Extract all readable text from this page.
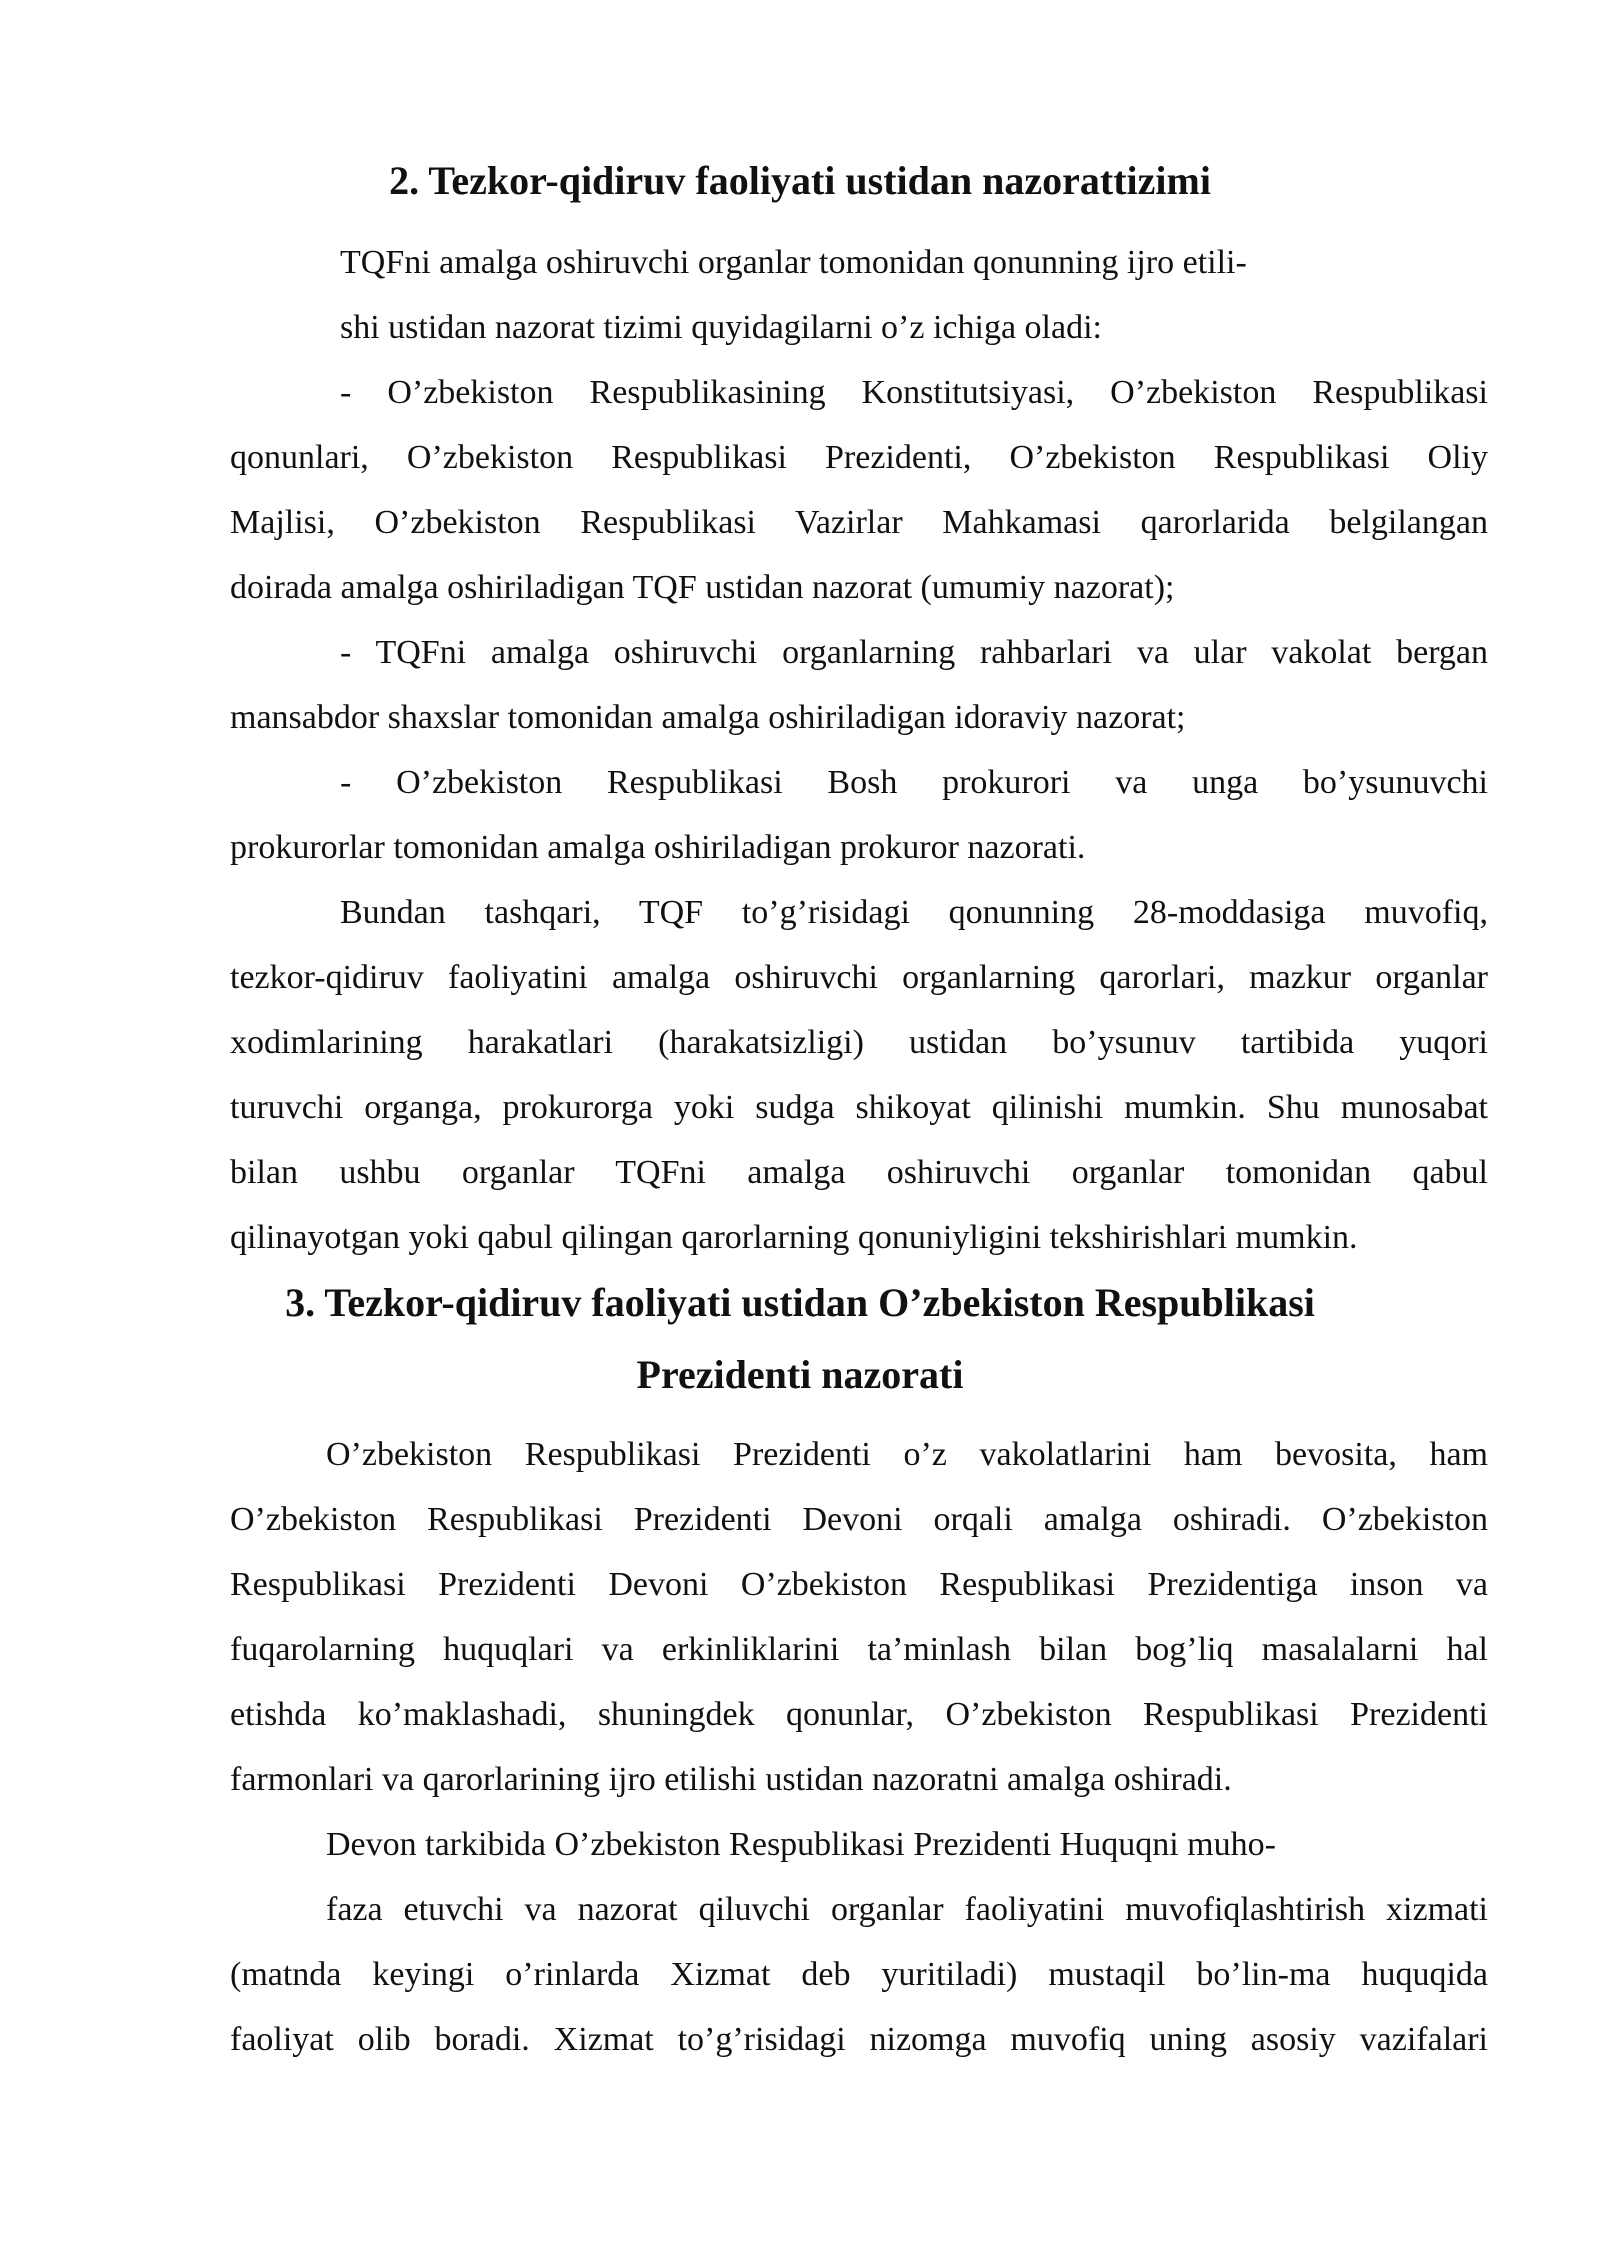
2. Tezkor-qidiruv faoliyati ustidan nazorattizimi
TQFni amalga oshiruvchi organlar tomonidan qonunning ijro etili-
shi ustidan nazorat tizimi quyidagilarni o’z ichiga oladi:
- O’zbekiston Respublikasining Konstitutsiyasi, O’zbekiston Respublikasi
qonunlari, O’zbekiston Respublikasi Prezidenti, O’zbekiston Respublikasi Oliy
Majlisi, O’zbekiston Respublikasi Vazirlar Mahkamasi qarorlarida belgilangan
doirada amalga oshiriladigan TQF ustidan nazorat (umumiy nazorat);
- TQFni amalga oshiruvchi organlarning rahbarlari va ular vakolat bergan
mansabdor shaxslar tomonidan amalga oshiriladigan idoraviy nazorat;
- O’zbekiston Respublikasi Bosh prokurori va unga bo’ysunuvchi
prokurorlar tomonidan amalga oshiriladigan prokuror nazorati.
Bundan tashqari, TQF to’g’risidagi qonunning 28-moddasiga muvofiq,
tezkor-qidiruv faoliyatini amalga oshiruvchi organlarning qarorlari, mazkur organlar
xodimlarining harakatlari (harakatsizligi) ustidan bo’ysunuv tartibida yuqori
turuvchi organga, prokurorga yoki sudga shikoyat qilinishi mumkin. Shu munosabat
bilan ushbu organlar TQFni amalga oshiruvchi organlar tomonidan qabul
qilinayotgan yoki qabul qilingan qarorlarning qonuniyligini tekshirishlari mumkin.
3. Tezkor-qidiruv faoliyati ustidan O’zbekiston Respublikasi
Prezidenti nazorati
O’zbekiston Respublikasi Prezidenti o’z vakolatlarini ham bevosita, ham
O’zbekiston Respublikasi Prezidenti Devoni orqali amalga oshiradi. O’zbekiston
Respublikasi Prezidenti Devoni O’zbekiston Respublikasi Prezidentiga inson va
fuqarolarning huquqlari va erkinliklarini ta’minlash bilan bog’liq masalalarni hal
etishda ko’maklashadi, shuningdek qonunlar, O’zbekiston Respublikasi Prezidenti
farmonlari va qarorlarining ijro etilishi ustidan nazoratni amalga oshiradi.
Devon tarkibida O’zbekiston Respublikasi Prezidenti Huquqni muho-
faza etuvchi va nazorat qiluvchi organlar faoliyatini muvofiqlashtirish xizmati
(matnda keyingi o’rinlarda Xizmat deb yuritiladi) mustaqil bo’lin-ma huquqida
faoliyat olib boradi. Xizmat to’g’risidagi nizomga muvofiq uning asosiy vazifalari
